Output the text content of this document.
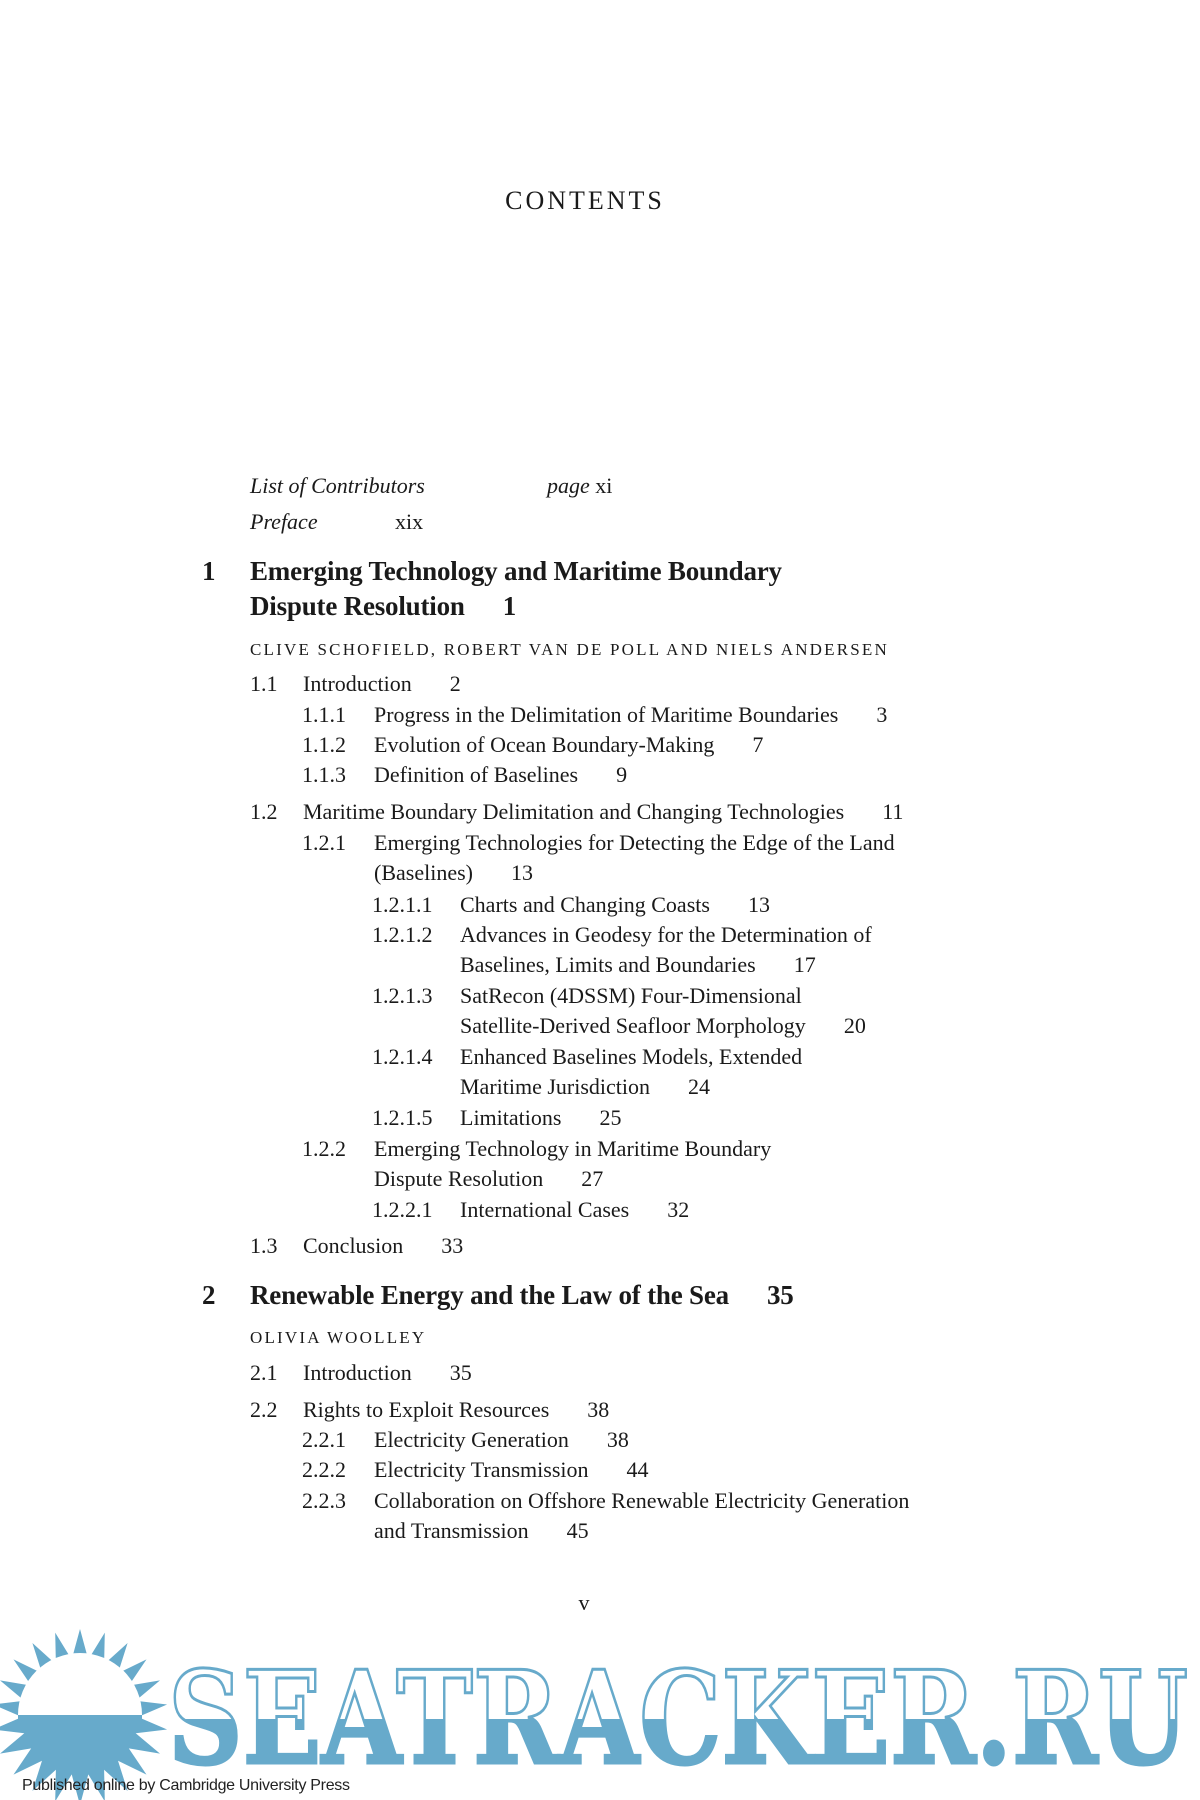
CONTENTS
List of Contributors	page xi
Preface	xix
1 Emerging Technology and Maritime Boundary
Dispute Resolution 1
CLIVE SCHOFIELD, ROBERT VAN DE POLL AND NIELS ANDERSEN
1.1 Introduction 2
1.1.1 Progress in the Delimitation of Maritime Boundaries 3
1.1.2 Evolution of Ocean Boundary-Making 7
1.1.3 Definition of Baselines 9
1.2 Maritime Boundary Delimitation and Changing Technologies 11
1.2.1 Emerging Technologies for Detecting the Edge of the Land
(Baselines) 13
1.2.1.1 Charts and Changing Coasts 13
1.2.1.2 Advances in Geodesy for the Determination of
Baselines, Limits and Boundaries 17
1.2.1.3 SatRecon (4DSSM) Four-Dimensional
Satellite-Derived Seafloor Morphology 20
1.2.1.4 Enhanced Baselines Models, Extended
Maritime Jurisdiction 24
1.2.1.5 Limitations 25
1.2.2 Emerging Technology in Maritime Boundary
Dispute Resolution 27
1.2.2.1 International Cases 32
1.3 Conclusion 33
2 Renewable Energy and the Law of the Sea 35
OLIVIA WOOLLEY
2.1 Introduction 35
2.2 Rights to Exploit Resources 38
2.2.1 Electricity Generation 38
2.2.2 Electricity Transmission 44
2.2.3 Collaboration on Offshore Renewable Electricity Generation
and Transmission 45
v
SEATRACKER.RU
Published online by Cambridge University Press
